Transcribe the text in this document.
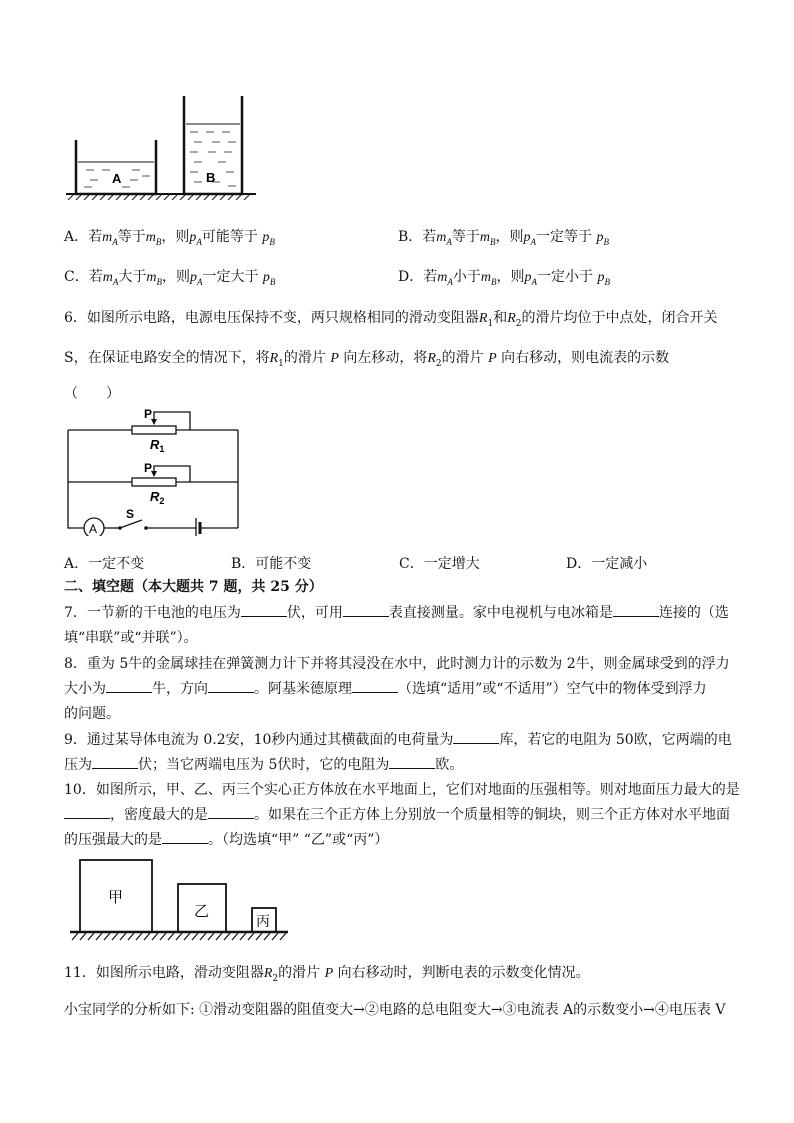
A	B
A．若$m_A$等于$m_B$，则$p_A$可能等于 $p_B$	B．若$m_A$等于$m_B$，则$p_A$一定等于 $p_B$
C．若$m_A$大于$m_B$，则$p_A$一定大于 $p_B$	D．若$m_A$小于$m_B$，则$p_A$一定小于 $p_B$
6．如图所示电路，电源电压保持不变，两只规格相同的滑动变阻器$R_1$和$R_2$的滑片均位于中点处，闭合开关
S，在保证电路安全的情况下，将$R_1$的滑片 P 向左移动，将$R_2$的滑片 P 向右移动，则电流表的示数
（　　）
P
$R_1$
P
$R_2$
S
A
A．一定不变	B．可能不变	C．一定增大	D．一定减小
二、填空题（本大题共 7 题，共 25 分）
7．一节新的干电池的电压为	伏，可用	表直接测量。家中电视机与电冰箱是	连接的（选
填“串联”或“并联”）。
8．重为 5牛的金属球挂在弹簧测力计下并将其浸没在水中，此时测力计的示数为 2牛，则金属球受到的浮力
大小为	牛，方向	。阿基米德原理	（选填“适用”或“不适用”）空气中的物体受到浮力
的问题。
9．通过某导体电流为 0.2安，10秒内通过其横截面的电荷量为	库，若它的电阻为 50欧，它两端的电
压为	伏；当它两端电压为 5伏时，它的电阻为	欧。
10．如图所示，甲、乙、丙三个实心正方体放在水平地面上，它们对地面的压强相等。则对地面压力最大的是
，密度最大的是	。如果在三个正方体上分别放一个质量相等的铜块，则三个正方体对水平地面
的压强最大的是	。（均选填“甲” “乙”或“丙”）
甲
乙
丙
11．如图所示电路，滑动变阻器$R_2$的滑片 P 向右移动时，判断电表的示数变化情况。
小宝同学的分析如下: ①滑动变阻器的阻值变大→②电路的总电阻变大→③电流表 A的示数变小→④电压表 V
